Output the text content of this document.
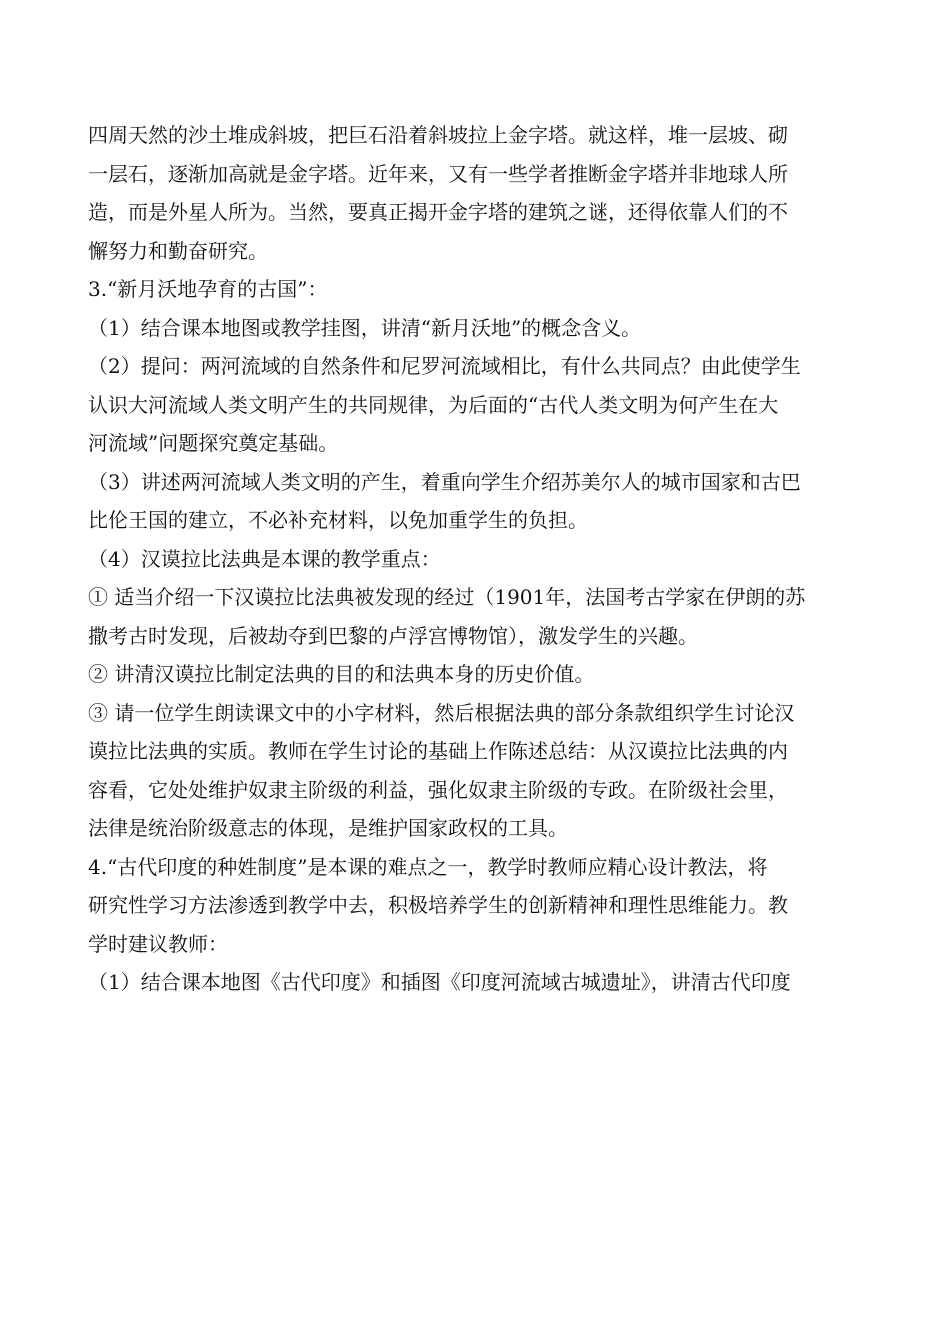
四周天然的沙土堆成斜坡，把巨石沿着斜坡拉上金字塔。就这样，堆一层坡、砌
一层石，逐渐加高就是金字塔。近年来，又有一些学者推断金字塔并非地球人所
造，而是外星人所为。当然，要真正揭开金字塔的建筑之谜，还得依靠人们的不
懈努力和勤奋研究。
3.“新月沃地孕育的古国”：
（1）结合课本地图或教学挂图，讲清“新月沃地”的概念含义。
（2）提问：两河流域的自然条件和尼罗河流域相比，有什么共同点？由此使学生
认识大河流域人类文明产生的共同规律，为后面的“古代人类文明为何产生在大
河流域”问题探究奠定基础。
（3）讲述两河流域人类文明的产生，着重向学生介绍苏美尔人的城市国家和古巴
比伦王国的建立，不必补充材料，以免加重学生的负担。
（4）汉谟拉比法典是本课的教学重点：
① 适当介绍一下汉谟拉比法典被发现的经过（1901年，法国考古学家在伊朗的苏
撒考古时发现，后被劫夺到巴黎的卢浮宫博物馆），激发学生的兴趣。
② 讲清汉谟拉比制定法典的目的和法典本身的历史价值。
③ 请一位学生朗读课文中的小字材料，然后根据法典的部分条款组织学生讨论汉
谟拉比法典的实质。教师在学生讨论的基础上作陈述总结：从汉谟拉比法典的内
容看，它处处维护奴隶主阶级的利益，强化奴隶主阶级的专政。在阶级社会里，
法律是统治阶级意志的体现，是维护国家政权的工具。
4.“古代印度的种姓制度”是本课的难点之一，教学时教师应精心设计教法，将
研究性学习方法渗透到教学中去，积极培养学生的创新精神和理性思维能力。教
学时建议教师：
（1）结合课本地图《古代印度》和插图《印度河流域古城遗址》，讲清古代印度
